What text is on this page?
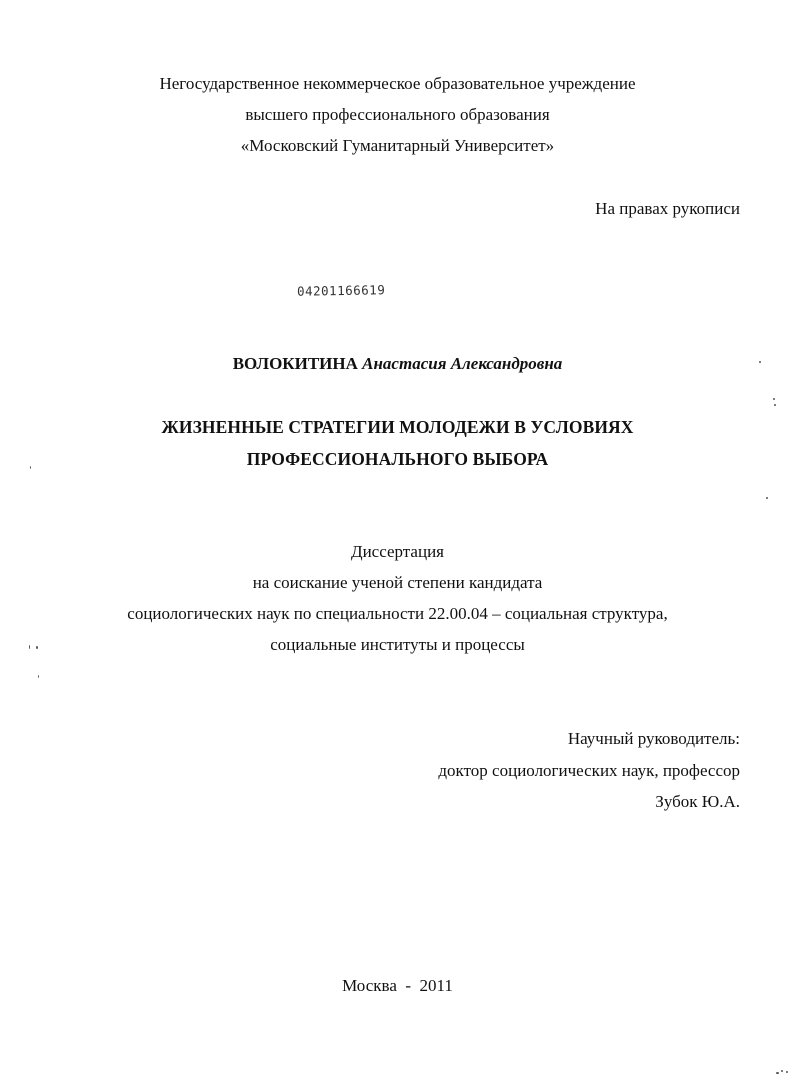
Негосударственное некоммерческое образовательное учреждение
высшего профессионального образования
«Московский Гуманитарный Университет»
На правах рукописи
04201166619
ВОЛОКИТИНА Анастасия Александровна
ЖИЗНЕННЫЕ СТРАТЕГИИ МОЛОДЕЖИ В УСЛОВИЯХ
ПРОФЕССИОНАЛЬНОГО ВЫБОРА
Диссертация
на соискание ученой степени кандидата
социологических наук по специальности 22.00.04 – социальная структура,
социальные институты и процессы
Научный руководитель:
доктор социологических наук, профессор
Зубок Ю.А.
Москва  -  2011
